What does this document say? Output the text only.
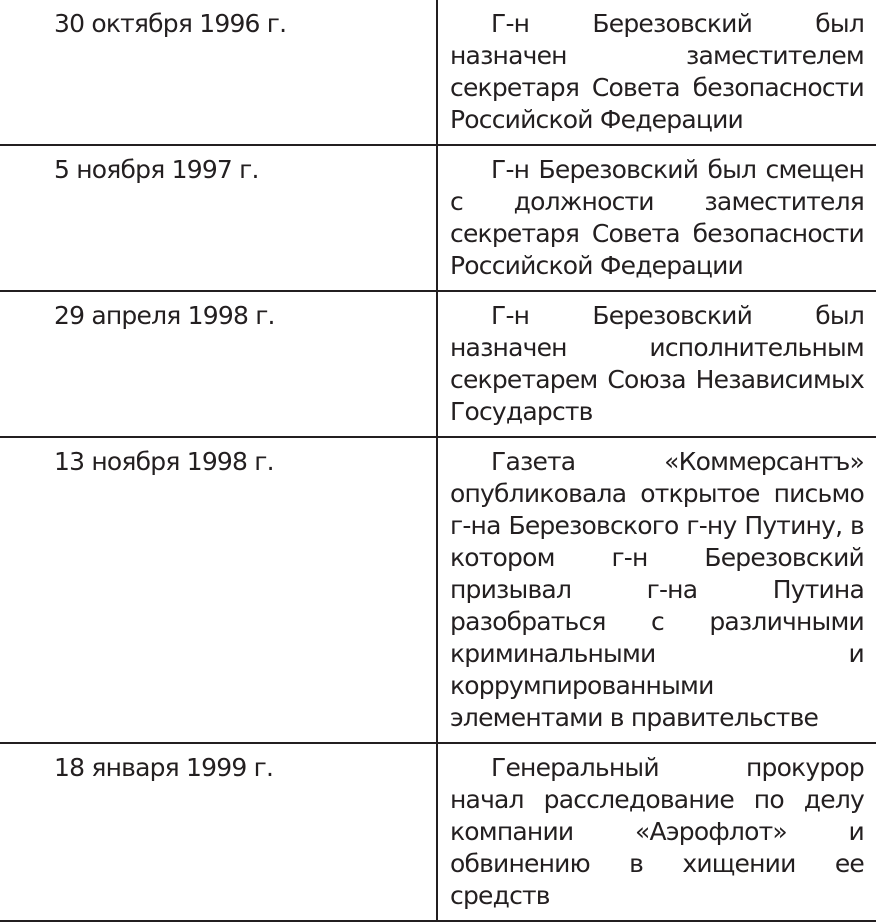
30 октября 1996 г.	Г-н Березовский был назначен заместителем секретаря Совета безопасности Российской Федерации
5 ноября 1997 г.	Г-н Березовский был смещен с должности заместителя секретаря Совета безопасности Российской Федерации
29 апреля 1998 г.	Г-н Березовский был назначен исполнительным секретарем Союза Независимых Государств
13 ноября 1998 г.	Газета «Коммерсантъ» опубликовала открытое письмо г-на Березовского г-ну Путину, в котором г-н Березовский призывал г-на Путина разобраться с различными криминальными и коррумпированными элементами в правительстве
18 января 1999 г.	Генеральный прокурор начал расследование по делу компании «Аэрофлот» и обвинению в хищении ее средств
